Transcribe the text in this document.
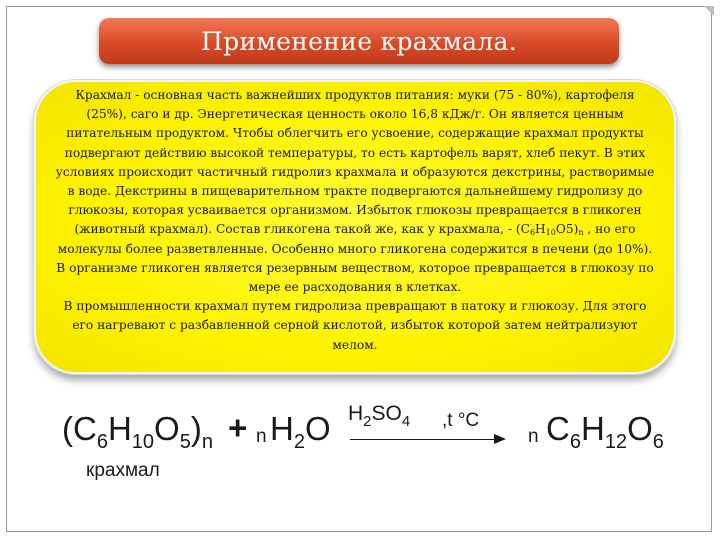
Применение крахмала.

Крахмал - основная часть важнейших продуктов питания: муки (75 - 80%), картофеля (25%), саго и др. Энергетическая ценность около 16,8 кДж/г. Он является ценным питательным продуктом. Чтобы облегчить его усвоение, содержащие крахмал продукты подвергают действию высокой температуры, то есть картофель варят, хлеб пекут. В этих условиях происходит частичный гидролиз крахмала и образуются декстрины, растворимые в воде. Декстрины в пищеварительном тракте подвергаются дальнейшему гидролизу до глюкозы, которая усваивается организмом. Избыток глюкозы превращается в гликоген (животный крахмал). Состав гликогена такой же, как у крахмала, - $(C_6H_{10}O5)_n$ , но его молекулы более разветвленные. Особенно много гликогена содержится в печени (до 10%). В организме гликоген является резервным веществом, которое превращается в глюкозу по мере ее расходования в клетках.

В промышленности крахмал путем гидролиза превращают в патоку и глюкозу. Для этого его нагревают с разбавленной серной кислотой, избыток которой затем нейтрализуют мелом.

$(C_6H_{10}O_5)_n$
крахмал
+ n $H_2O$ $H_2SO_4$ ,t °C
n $C_6H_{12}O_6$
